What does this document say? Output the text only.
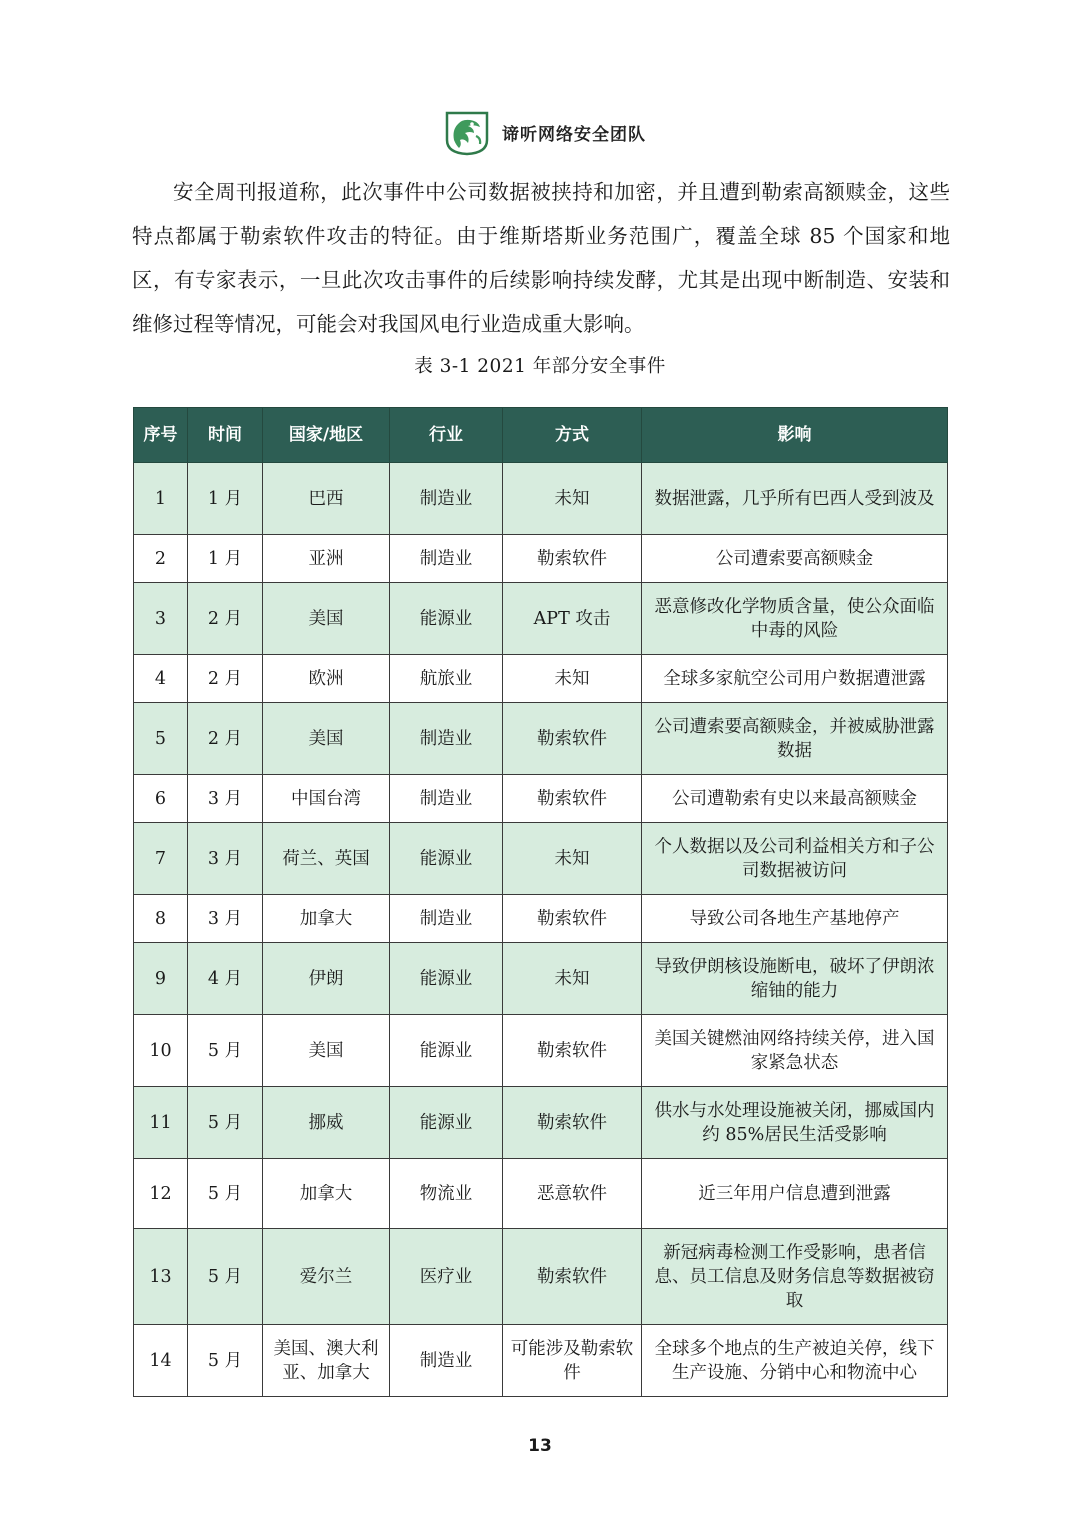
谛听网络安全团队

安全周刊报道称，此次事件中公司数据被挟持和加密，并且遭到勒索高额赎金，这些特点都属于勒索软件攻击的特征。由于维斯塔斯业务范围广，覆盖全球 85 个国家和地区，有专家表示，一旦此次攻击事件的后续影响持续发酵，尤其是出现中断制造、安装和维修过程等情况，可能会对我国风电行业造成重大影响。

表 3-1 2021 年部分安全事件
序号	时间	国家/地区	行业	方式	影响
1	1 月	巴西	制造业	未知	数据泄露，几乎所有巴西人受到波及
2	1 月	亚洲	制造业	勒索软件	公司遭索要高额赎金
3	2 月	美国	能源业	APT 攻击	恶意修改化学物质含量，使公众面临中毒的风险
4	2 月	欧洲	航旅业	未知	全球多家航空公司用户数据遭泄露
5	2 月	美国	制造业	勒索软件	公司遭索要高额赎金，并被威胁泄露数据
6	3 月	中国台湾	制造业	勒索软件	公司遭勒索有史以来最高额赎金
7	3 月	荷兰、英国	能源业	未知	个人数据以及公司利益相关方和子公司数据被访问
8	3 月	加拿大	制造业	勒索软件	导致公司各地生产基地停产
9	4 月	伊朗	能源业	未知	导致伊朗核设施断电，破坏了伊朗浓缩铀的能力
10	5 月	美国	能源业	勒索软件	美国关键燃油网络持续关停，进入国家紧急状态
11	5 月	挪威	能源业	勒索软件	供水与水处理设施被关闭，挪威国内约 85%居民生活受影响
12	5 月	加拿大	物流业	恶意软件	近三年用户信息遭到泄露
13	5 月	爱尔兰	医疗业	勒索软件	新冠病毒检测工作受影响，患者信息、员工信息及财务信息等数据被窃取
14	5 月	美国、澳大利亚、加拿大	制造业	可能涉及勒索软件	全球多个地点的生产被迫关停，线下生产设施、分销中心和物流中心
13
